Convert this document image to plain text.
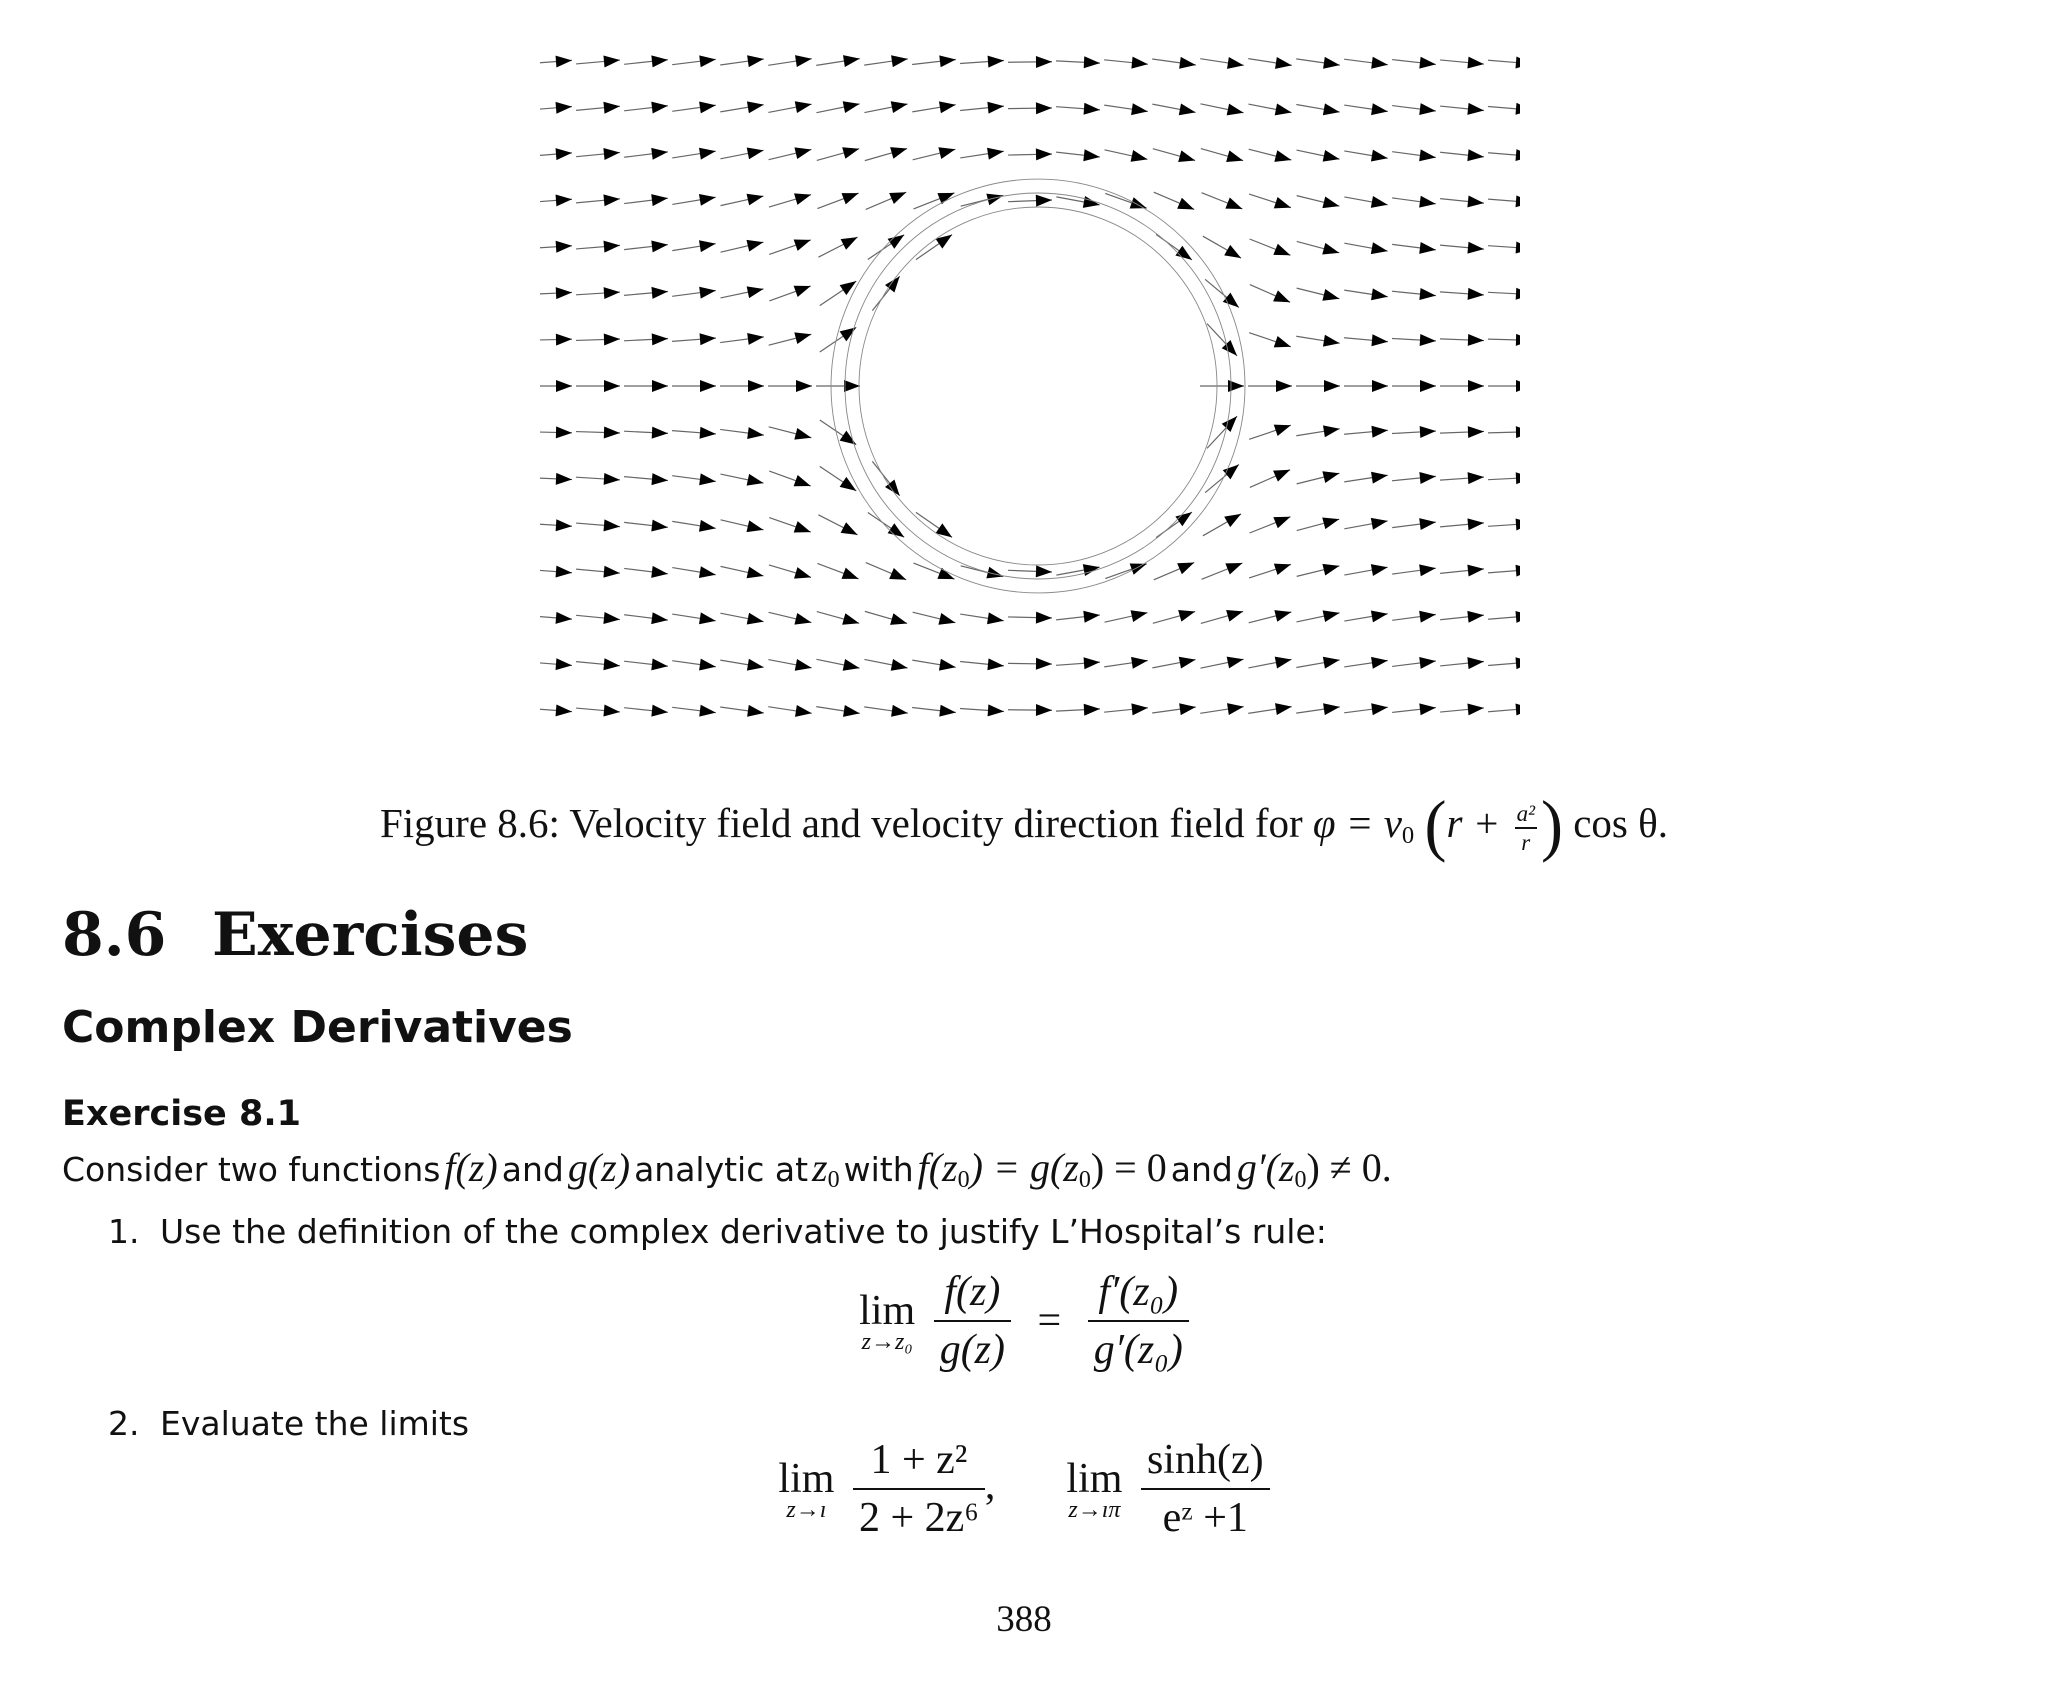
Figure 8.6: Velocity field and velocity direction field for $\varphi = v_0$ ($r + \frac{\text{a²}}{r}$ ) cos θ.
8.6 Exercises
Complex Derivatives
Exercise 8.1
Consider two functions f(z) and g(z) analytic at $z_0$ with $f(z_0) = g(z_0) = 0$ and $g'(z_0) \ne 0$.
1. Use the definition of the complex derivative to justify L’Hospital’s rule:
lim
z→z₀
$\frac{f(z)}{g(z)} = \frac{\text{f′(z₀)}}{\text{g′(z₀)}}$
2. Evaluate the limits
lim
z→ı
$\frac{\text{1 + z²}}{\text{2 + 2z⁶}}$ , lim
z→ıπ
$\frac{\sinh(z)}{\text{eᶻ +1}}$
388
